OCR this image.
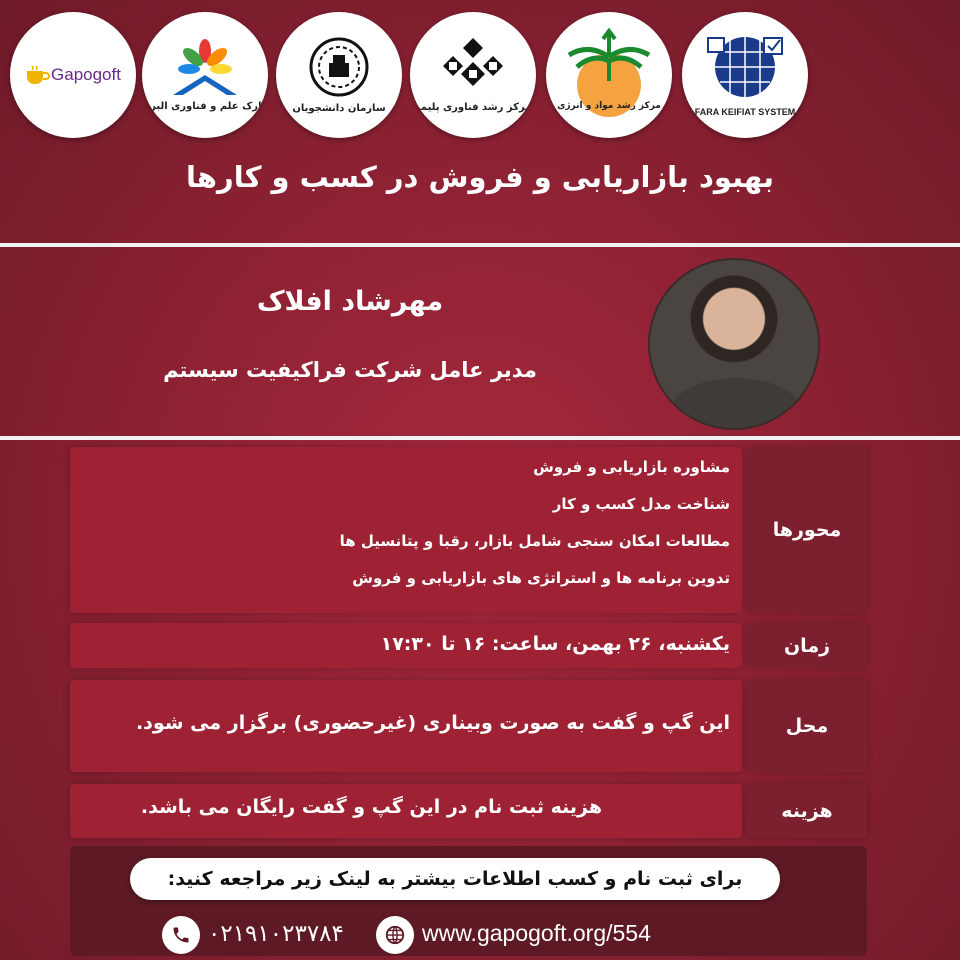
Gapogoft
پارک علم و فناوری البرز	سازمان دانشجویان	مرکز رشد فناوری پلیمر	مرکز رشد مواد و انرژی
FARA KEIFIAT SYSTEM
بهبود بازاریابی و فروش در کسب و کارها
مهرشاد افلاک
مدیر عامل شرکت فراکیفیت سیستم
مشاوره بازاریابی و فروش
شناخت مدل کسب و کار
مطالعات امکان سنجی شامل بازار، رقبا و پتانسیل ها
تدوین برنامه ها و استراتژی های بازاریابی و فروش
محورها
یکشنبه، ۲۶ بهمن، ساعت: ۱۶ تا ۱۷:۳۰	زمان
این گپ و گفت به صورت وبیناری (غیرحضوری) برگزار می شود.	محل
هزینه ثبت نام در این گپ و گفت رایگان می باشد.	هزینه
برای ثبت نام و کسب اطلاعات بیشتر به لینک زیر مراجعه کنید:
۰۲۱۹۱۰۲۳۷۸۴	www.gapogoft.org/554
